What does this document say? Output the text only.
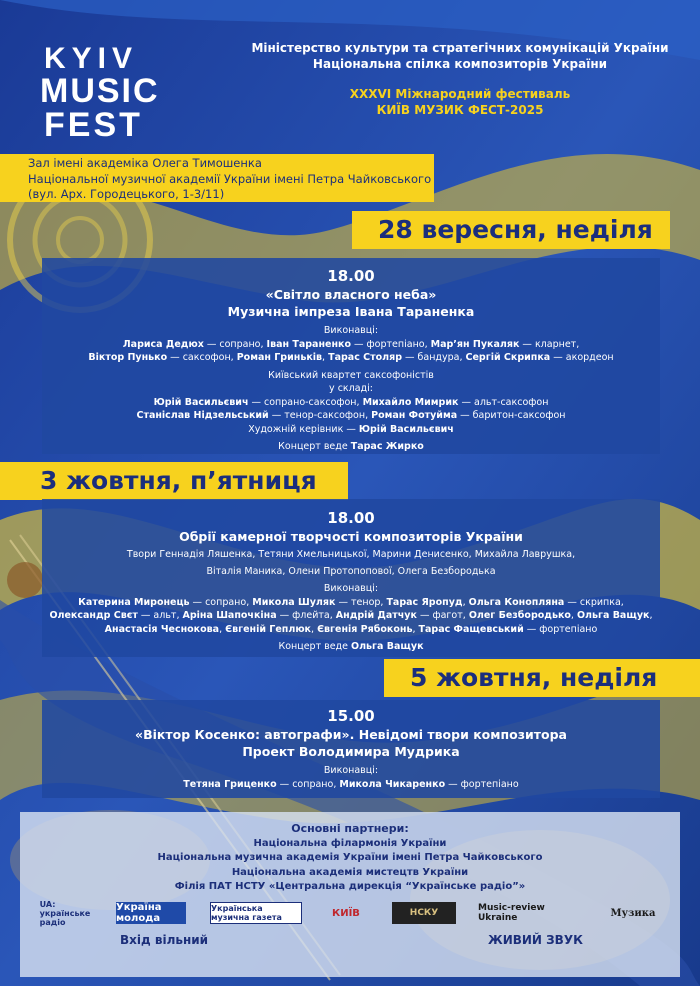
KYIV
MUSIC
FEST
Міністерство культури та стратегічних комунікацій України
Національна спілка композиторів України
XXXVI Міжнародний фестиваль
КИЇВ МУЗИК ФЕСТ-2025
Зал імені академіка Олега Тимошенка
Національної музичної академії України імені Петра Чайковського
(вул. Арх. Городецького, 1-3/11)
28 вересня, неділя
18.00
«Світло власного неба»
Музична імпреза Івана Тараненка
Виконавці:
Лариса Дедюх — сопрано, Іван Тараненко — фортепіано, Мар’ян Пукаляк — кларнет,
Віктор Пунько — саксофон, Роман Гриньків, Тарас Столяр — бандура, Сергій Скрипка — акордеон
Київський квартет саксофоністів
у складі:
Юрій Васильєвич — сопрано-саксофон, Михайло Мимрик — альт-саксофон
Станіслав Нідзельський — тенор-саксофон, Роман Фотуйма — баритон-саксофон
Художній керівник — Юрій Васильєвич
Концерт веде Тарас Жирко
3 жовтня, п’ятниця
18.00
Обрії камерної творчості композиторів України
Твори Геннадія Ляшенка, Тетяни Хмельницької, Марини Денисенко, Михайла Лаврушка,
Віталія Маника, Олени Протопопової, Олега Безбородька
Виконавці:
Катерина Миронець — сопрано, Микола Шуляк — тенор, Тарас Яропуд, Ольга Конопляна — скрипка,
Олександр Свєт — альт, Аріна Шапочкіна — флейта, Андрій Датчук — фагот, Олег Безбородько, Ольга Ващук,
Анастасія Чеснокова, Євгеній Геплюк, Євгенія Рябоконь, Тарас Фащевський — фортепіано
Концерт веде Ольга Ващук
5 жовтня, неділя
15.00
«Віктор Косенко: автографи». Невідомі твори композитора
Проект Володимира Мудрика
Виконавці:
Тетяна Гриценко — сопрано, Микола Чикаренко — фортепіано
Основні партнери:
Національна філармонія України
Національна музична академія України імені Петра Чайковського
Національна академія мистецтв України
Філія ПАТ НСТУ «Центральна дирекція “Українське радіо”»
UA: українське радіо
Україна молода
Українська музична газета	КИЇВ	НСКУ	Music-review Ukraine	Музика
Вхід вільний	ЖИВИЙ ЗВУК
